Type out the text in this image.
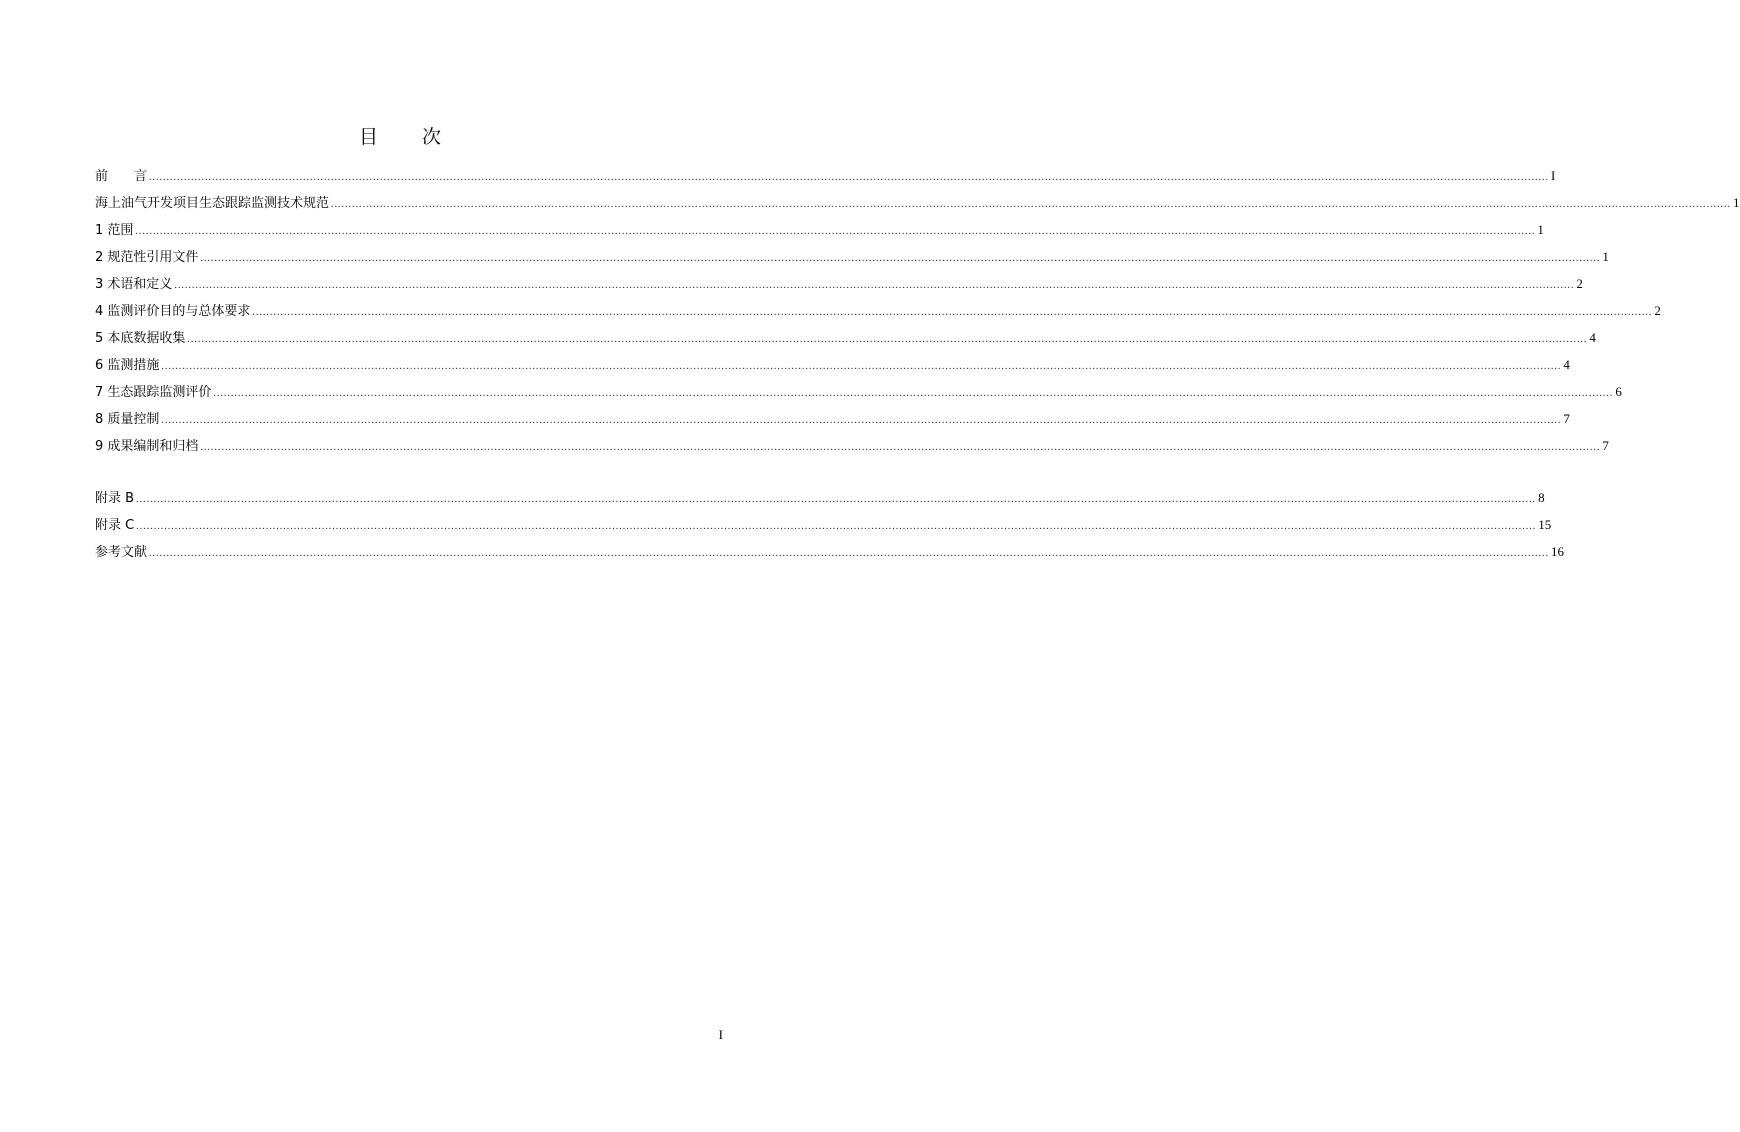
目 次
前　　言 ................................................................................................................................................................................................................................................................................................................................................................................................................ I
海上油气开发项目生态跟踪监测技术规范 ................................................................................................................................................................................................................................................................................................................................................................................................................ 1
1 范围 ................................................................................................................................................................................................................................................................................................................................................................................................................ 1
2 规范性引用文件 ................................................................................................................................................................................................................................................................................................................................................................................................................ 1
3 术语和定义 ................................................................................................................................................................................................................................................................................................................................................................................................................ 2
4 监测评价目的与总体要求 ................................................................................................................................................................................................................................................................................................................................................................................................................ 2
5 本底数据收集 ................................................................................................................................................................................................................................................................................................................................................................................................................ 4
6 监测措施 ................................................................................................................................................................................................................................................................................................................................................................................................................ 4
7 生态跟踪监测评价 ................................................................................................................................................................................................................................................................................................................................................................................................................ 6
8 质量控制 ................................................................................................................................................................................................................................................................................................................................................................................................................ 7
9 成果编制和归档 ................................................................................................................................................................................................................................................................................................................................................................................................................ 7
附录 B ................................................................................................................................................................................................................................................................................................................................................................................................................ 8
附录 C ................................................................................................................................................................................................................................................................................................................................................................................................................ 15
参考文献 ................................................................................................................................................................................................................................................................................................................................................................................................................ 16
I
